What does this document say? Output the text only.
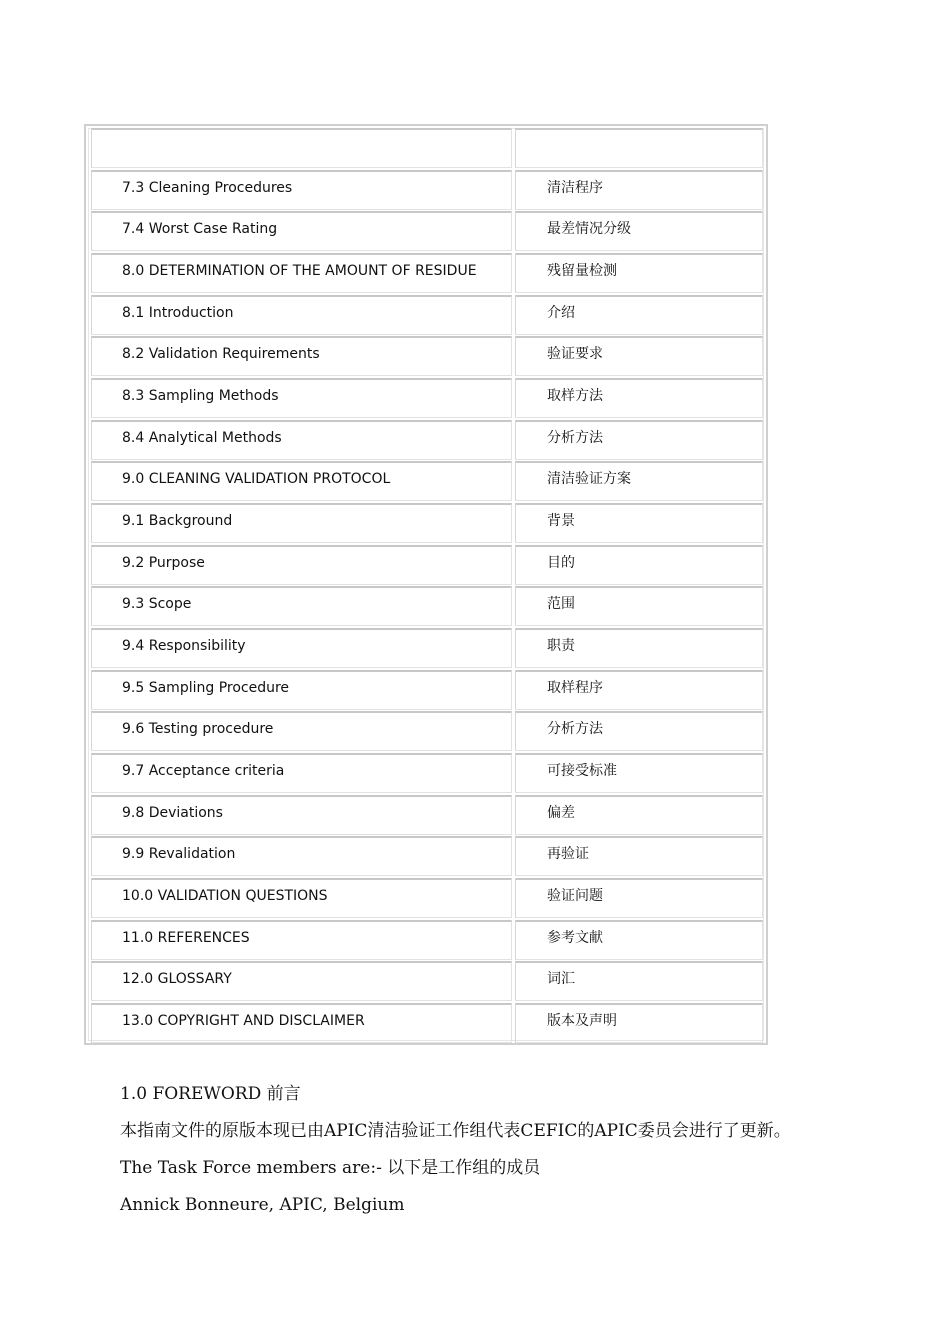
7.3 Cleaning Procedures	清洁程序
7.4 Worst Case Rating	最差情况分级
8.0 DETERMINATION OF THE AMOUNT OF RESIDUE	残留量检测
8.1 Introduction	介绍
8.2 Validation Requirements	验证要求
8.3 Sampling Methods	取样方法
8.4 Analytical Methods	分析方法
9.0 CLEANING VALIDATION PROTOCOL	清洁验证方案
9.1 Background	背景
9.2 Purpose	目的
9.3 Scope	范围
9.4 Responsibility	职责
9.5 Sampling Procedure	取样程序
9.6 Testing procedure	分析方法
9.7 Acceptance criteria	可接受标准
9.8 Deviations	偏差
9.9 Revalidation	再验证
10.0 VALIDATION QUESTIONS	验证问题
11.0 REFERENCES	参考文献
12.0 GLOSSARY	词汇
13.0 COPYRIGHT AND DISCLAIMER	版本及声明
1.0 FOREWORD 前言
本指南文件的原版本现已由APIC清洁验证工作组代表CEFIC的APIC委员会进行了更新。
The Task Force members are:- 以下是工作组的成员
Annick Bonneure, APIC, Belgium
